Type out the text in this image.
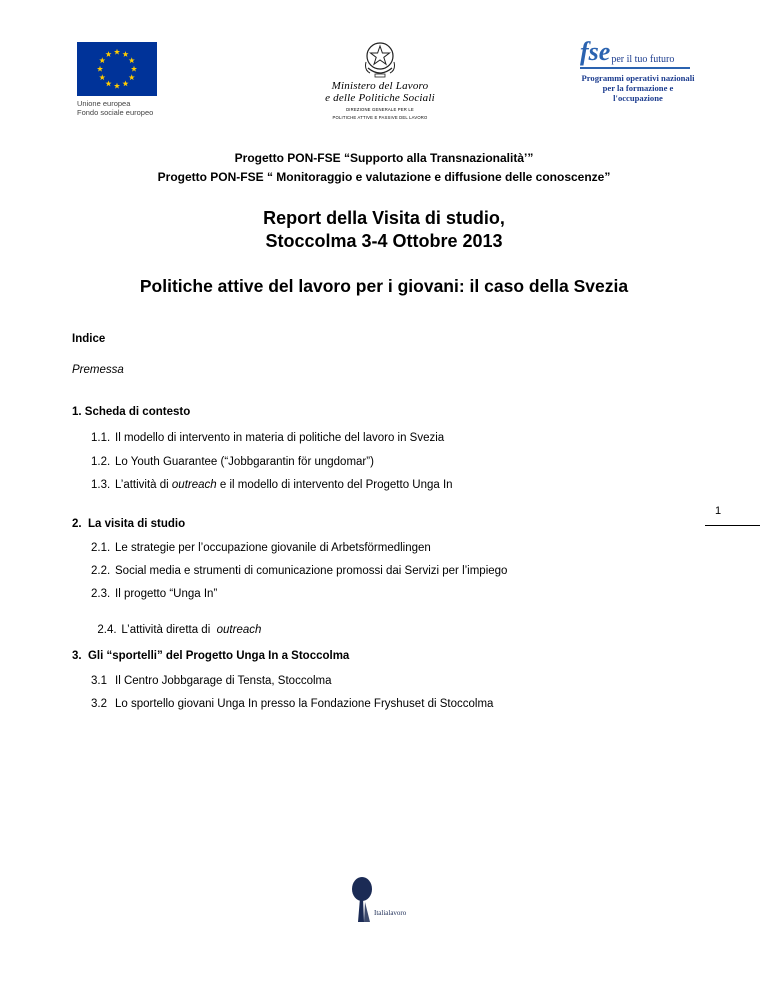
Unione europea
Fondo sociale europeo
Ministero del Lavoro
e delle Politiche Sociali
DIREZIONE GENERALE PER LE
POLITICHE ATTIVE E PASSIVE DEL LAVORO
fseper il tuo futuro
Programmi operativi nazionali
per la formazione e l'occupazione
Progetto PON-FSE “Supporto alla Transnazionalità’”
Progetto PON-FSE “ Monitoraggio e valutazione e diffusione delle conoscenze”
Report della Visita di studio,
Stoccolma 3-4 Ottobre 2013
Politiche attive del lavoro per i giovani: il caso della Svezia
Indice
Premessa
1. Scheda di contesto
1.1. Il modello di intervento in materia di politiche del lavoro in Svezia
1.2. Lo Youth Guarantee (“Jobbgarantin för ungdomar”)
1.3. L’attività di outreach e il modello di intervento del Progetto Unga In
2.  La visita di studio
2.1. Le strategie per l’occupazione giovanile di Arbetsförmedlingen
2.2. Social media e strumenti di comunicazione promossi dai Servizi per l’impiego
2.3. Il progetto “Unga In”

2.4. L’attività diretta di  outreach

3.  Gli “sportelli” del Progetto Unga In a Stoccolma
3.1 Il Centro Jobbgarage di Tensta, Stoccolma
3.2 Lo sportello giovani Unga In presso la Fondazione Fryshuset di Stoccolma
1
Italialavoro
